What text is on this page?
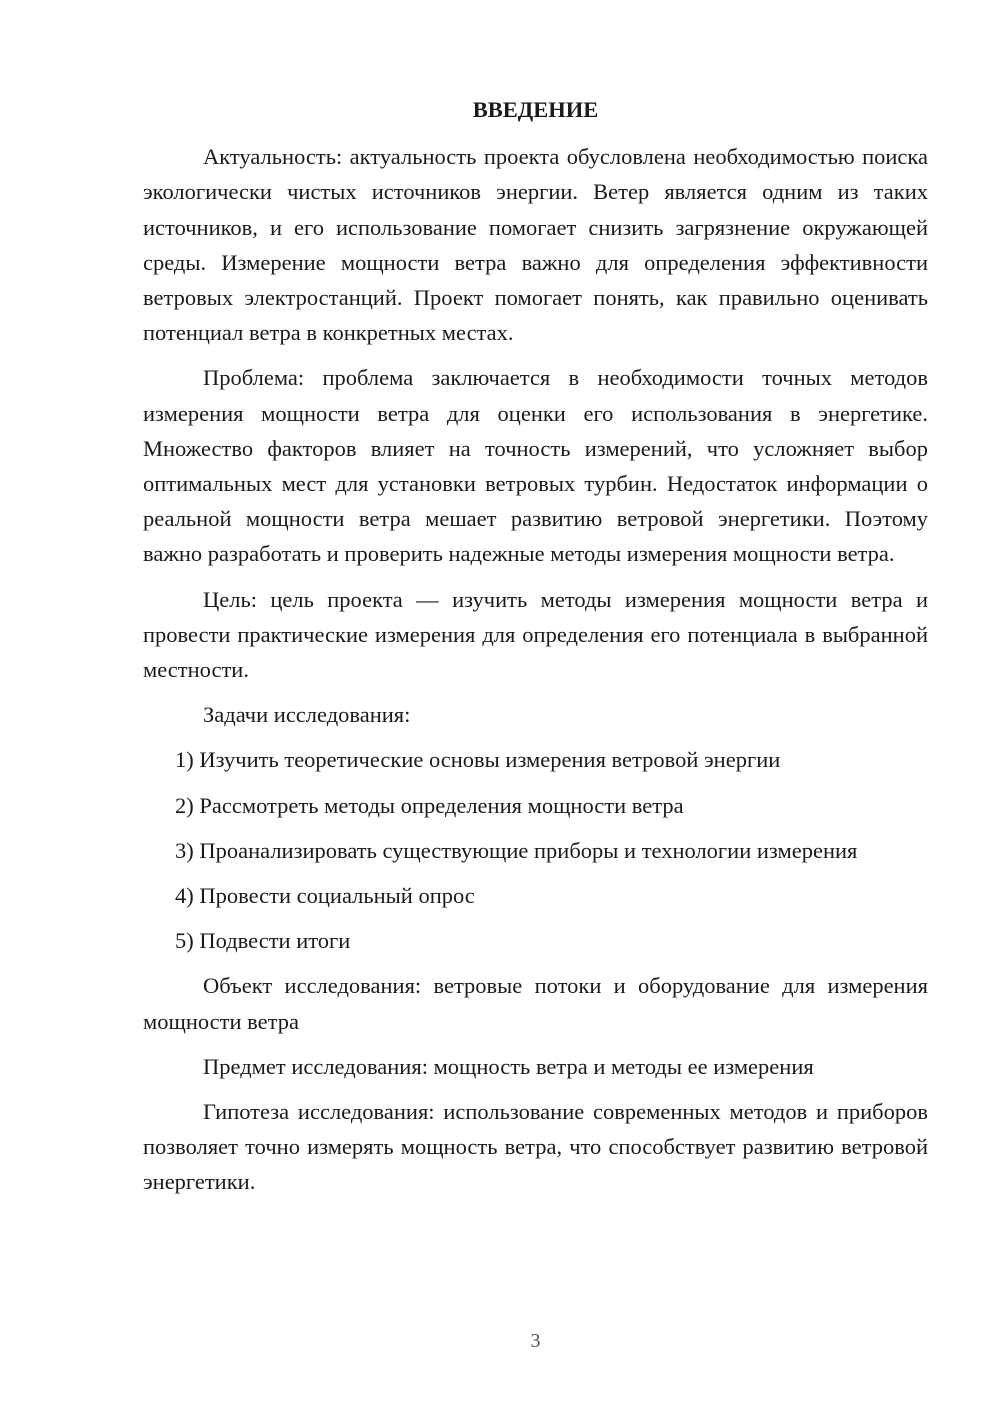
ВВЕДЕНИЕ

Актуальность: актуальность проекта обусловлена необходимостью поиска экологически чистых источников энергии. Ветер является одним из таких источников, и его использование помогает снизить загрязнение окружающей среды. Измерение мощности ветра важно для определения эффективности ветровых электростанций. Проект помогает понять, как правильно оценивать потенциал ветра в конкретных местах.

Проблема: проблема заключается в необходимости точных методов измерения мощности ветра для оценки его использования в энергетике. Множество факторов влияет на точность измерений, что усложняет выбор оптимальных мест для установки ветровых турбин. Недостаток информации о реальной мощности ветра мешает развитию ветровой энергетики. Поэтому важно разработать и проверить надежные методы измерения мощности ветра.

Цель: цель проекта — изучить методы измерения мощности ветра и провести практические измерения для определения его потенциала в выбранной местности.

Задачи исследования:

1) Изучить теоретические основы измерения ветровой энергии

2) Рассмотреть методы определения мощности ветра

3) Проанализировать существующие приборы и технологии измерения

4) Провести социальный опрос

5) Подвести итоги

Объект исследования: ветровые потоки и оборудование для измерения мощности ветра

Предмет исследования: мощность ветра и методы ее измерения

Гипотеза исследования: использование современных методов и приборов позволяет точно измерять мощность ветра, что способствует развитию ветровой энергетики.

3
